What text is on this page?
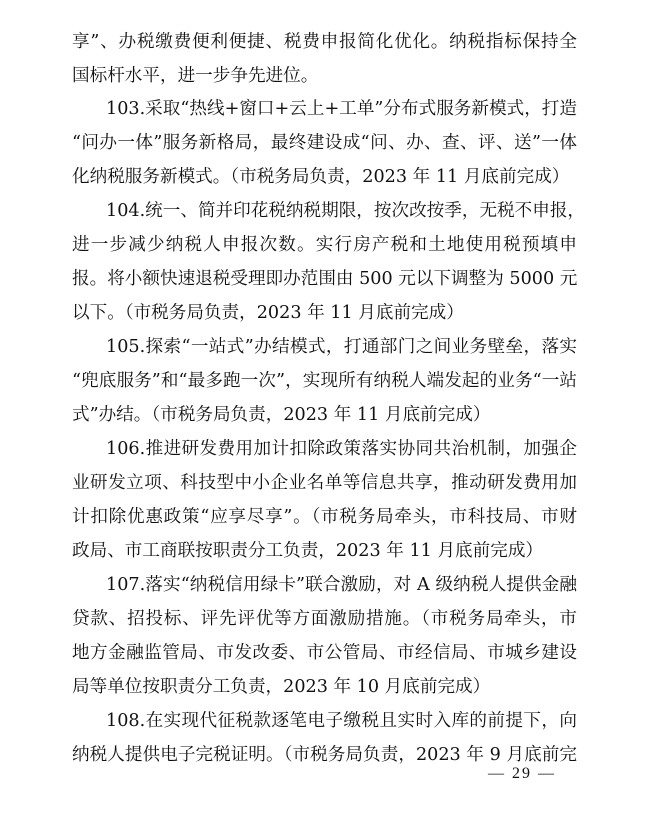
享”、办税缴费便利便捷、税费申报简化优化。纳税指标保持全
国标杆水平，进一步争先进位。
103.采取“热线+窗口+云上+工单”分布式服务新模式，打造
“问办一体”服务新格局，最终建设成“问、办、查、评、送”一体
化纳税服务新模式。（市税务局负责，2023 年 11 月底前完成）
104.统一、简并印花税纳税期限，按次改按季，无税不申报，
进一步减少纳税人申报次数。实行房产税和土地使用税预填申
报。将小额快速退税受理即办范围由 500 元以下调整为 5000 元
以下。（市税务局负责，2023 年 11 月底前完成）
105.探索“一站式”办结模式，打通部门之间业务壁垒，落实
“兜底服务”和“最多跑一次”，实现所有纳税人端发起的业务“一站
式”办结。（市税务局负责，2023 年 11 月底前完成）
106.推进研发费用加计扣除政策落实协同共治机制，加强企
业研发立项、科技型中小企业名单等信息共享，推动研发费用加
计扣除优惠政策“应享尽享”。（市税务局牵头，市科技局、市财
政局、市工商联按职责分工负责，2023 年 11 月底前完成）
107.落实“纳税信用绿卡”联合激励，对 A 级纳税人提供金融
贷款、招投标、评先评优等方面激励措施。（市税务局牵头，市
地方金融监管局、市发改委、市公管局、市经信局、市城乡建设
局等单位按职责分工负责，2023 年 10 月底前完成）
108.在实现代征税款逐笔电子缴税且实时入库的前提下，向
纳税人提供电子完税证明。（市税务局负责，2023 年 9 月底前完
— 29 —
